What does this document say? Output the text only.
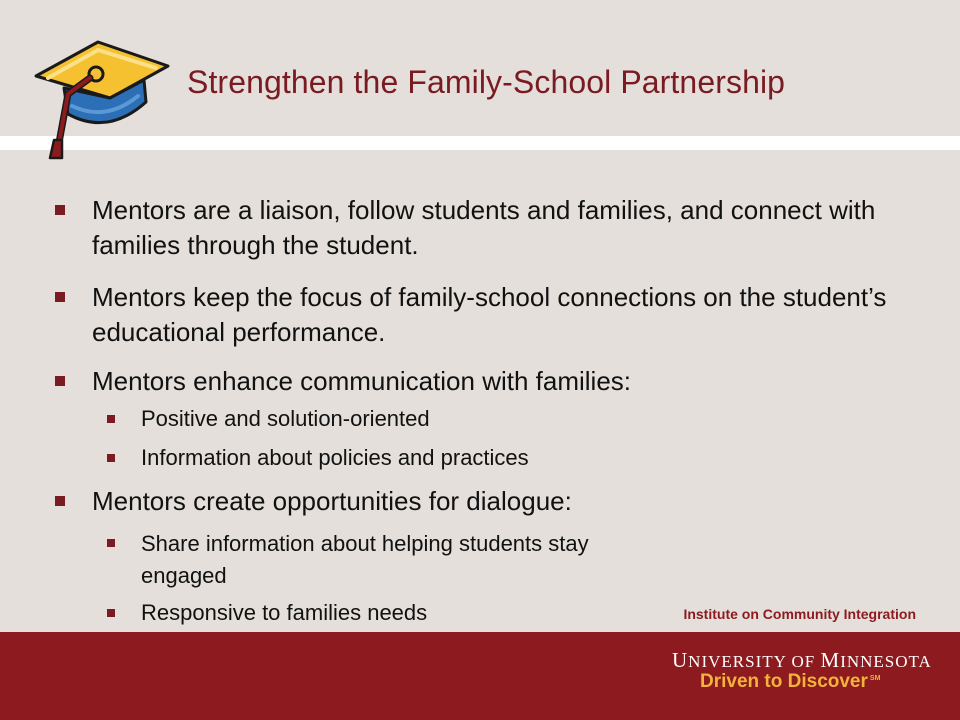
Strengthen the Family-School Partnership
Mentors are a liaison, follow students and families, and connect with families through the student.
Mentors keep the focus of family-school connections on the student’s educational performance.
Mentors enhance communication with families:
Positive and solution-oriented
Information about policies and practices
Mentors create opportunities for dialogue:
Share information about helping students stay engaged
Responsive to families needs	Institute on Community Integration

UNIVERSITY OF MINNESOTA
Driven to Discover ℠
